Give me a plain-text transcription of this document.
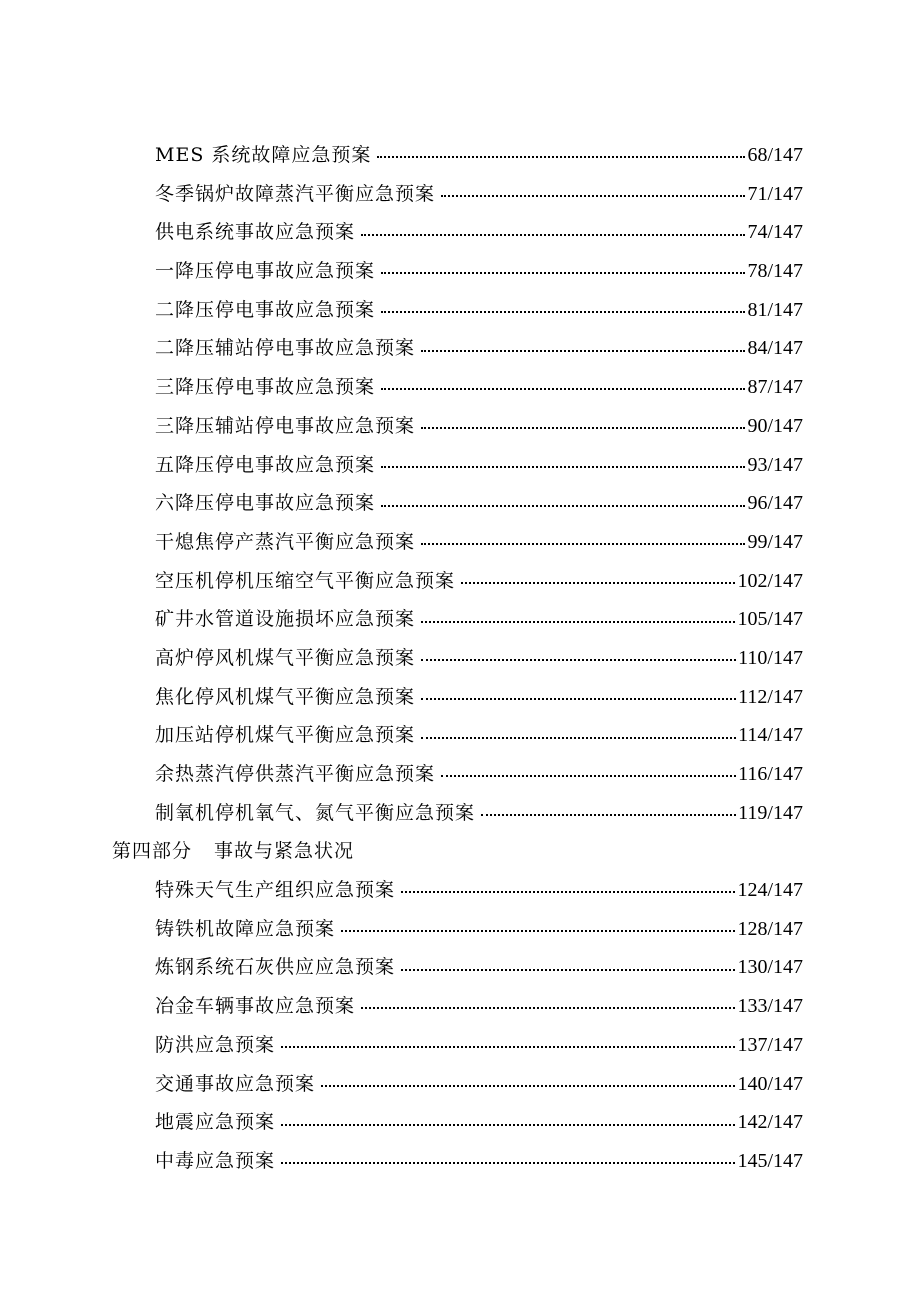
MES 系统故障应急预案	68/147
冬季锅炉故障蒸汽平衡应急预案	71/147
供电系统事故应急预案	74/147
一降压停电事故应急预案	78/147
二降压停电事故应急预案	81/147
二降压辅站停电事故应急预案	84/147
三降压停电事故应急预案	87/147
三降压辅站停电事故应急预案	90/147
五降压停电事故应急预案	93/147
六降压停电事故应急预案	96/147
干熄焦停产蒸汽平衡应急预案	99/147
空压机停机压缩空气平衡应急预案	102/147
矿井水管道设施损坏应急预案	105/147
高炉停风机煤气平衡应急预案	110/147
焦化停风机煤气平衡应急预案	112/147
加压站停机煤气平衡应急预案	114/147
余热蒸汽停供蒸汽平衡应急预案	116/147
制氧机停机氧气、氮气平衡应急预案	119/147
第四部分 事故与紧急状况
特殊天气生产组织应急预案	124/147
铸铁机故障应急预案	128/147
炼钢系统石灰供应应急预案	130/147
冶金车辆事故应急预案	133/147
防洪应急预案	137/147
交通事故应急预案	140/147
地震应急预案	142/147
中毒应急预案	145/147
